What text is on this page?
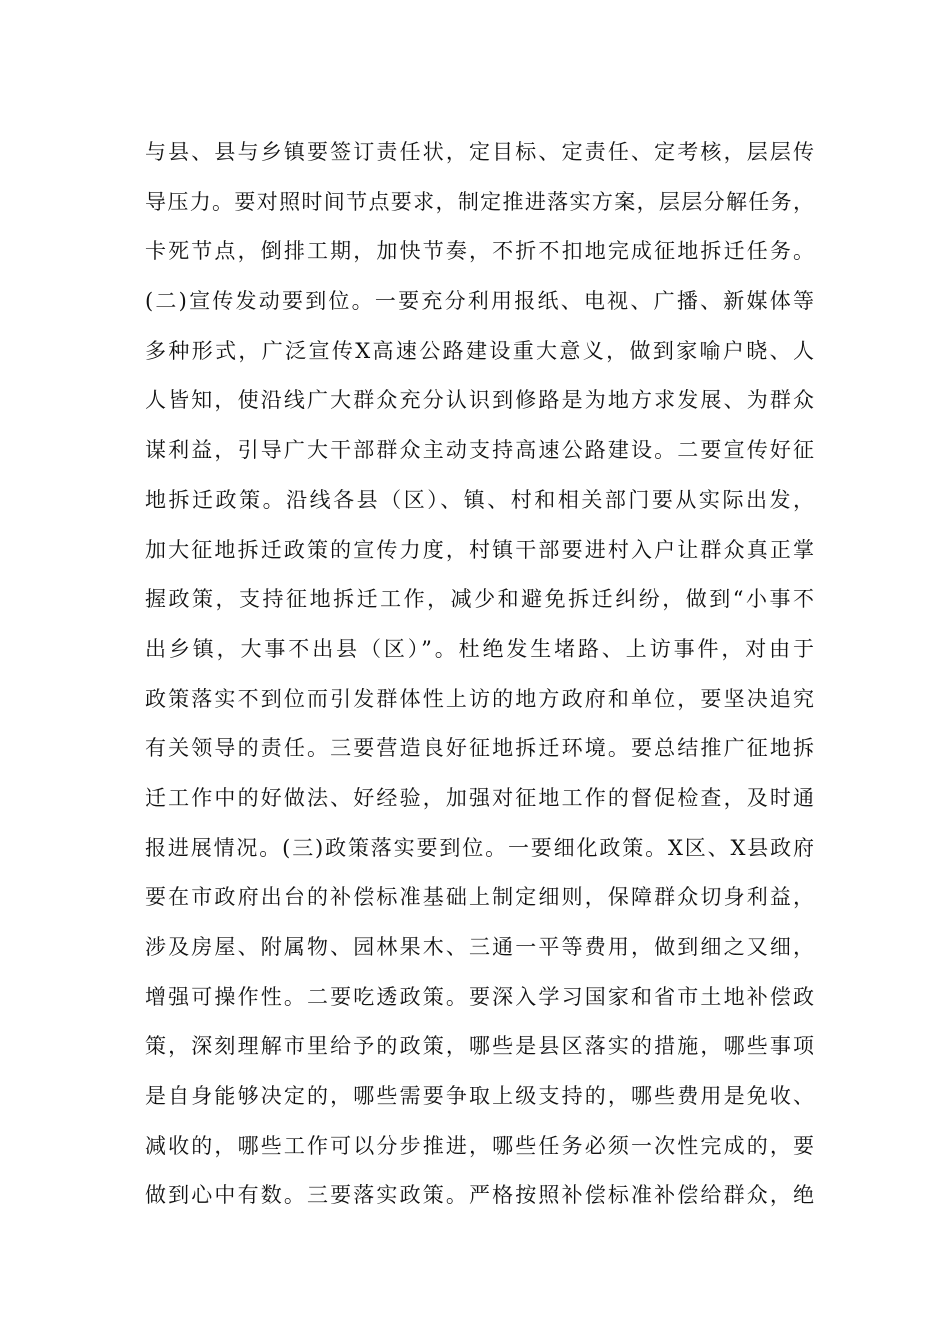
与县、县与乡镇要签订责任状，定目标、定责任、定考核，层层传
导压力。要对照时间节点要求，制定推进落实方案，层层分解任务，
卡死节点，倒排工期，加快节奏，不折不扣地完成征地拆迁任务。
(二)宣传发动要到位。一要充分利用报纸、电视、广播、新媒体等
多种形式，广泛宣传X高速公路建设重大意义，做到家喻户晓、人
人皆知，使沿线广大群众充分认识到修路是为地方求发展、为群众
谋利益，引导广大干部群众主动支持高速公路建设。二要宣传好征
地拆迁政策。沿线各县（区）、镇、村和相关部门要从实际出发，
加大征地拆迁政策的宣传力度，村镇干部要进村入户让群众真正掌
握政策，支持征地拆迁工作，减少和避免拆迁纠纷，做到“小事不
出乡镇，大事不出县（区）”。杜绝发生堵路、上访事件，对由于
政策落实不到位而引发群体性上访的地方政府和单位，要坚决追究
有关领导的责任。三要营造良好征地拆迁环境。要总结推广征地拆
迁工作中的好做法、好经验，加强对征地工作的督促检查，及时通
报进展情况。(三)政策落实要到位。一要细化政策。X区、X县政府
要在市政府出台的补偿标准基础上制定细则，保障群众切身利益，
涉及房屋、附属物、园林果木、三通一平等费用，做到细之又细，
增强可操作性。二要吃透政策。要深入学习国家和省市土地补偿政
策，深刻理解市里给予的政策，哪些是县区落实的措施，哪些事项
是自身能够决定的，哪些需要争取上级支持的，哪些费用是免收、
减收的，哪些工作可以分步推进，哪些任务必须一次性完成的，要
做到心中有数。三要落实政策。严格按照补偿标准补偿给群众，绝
